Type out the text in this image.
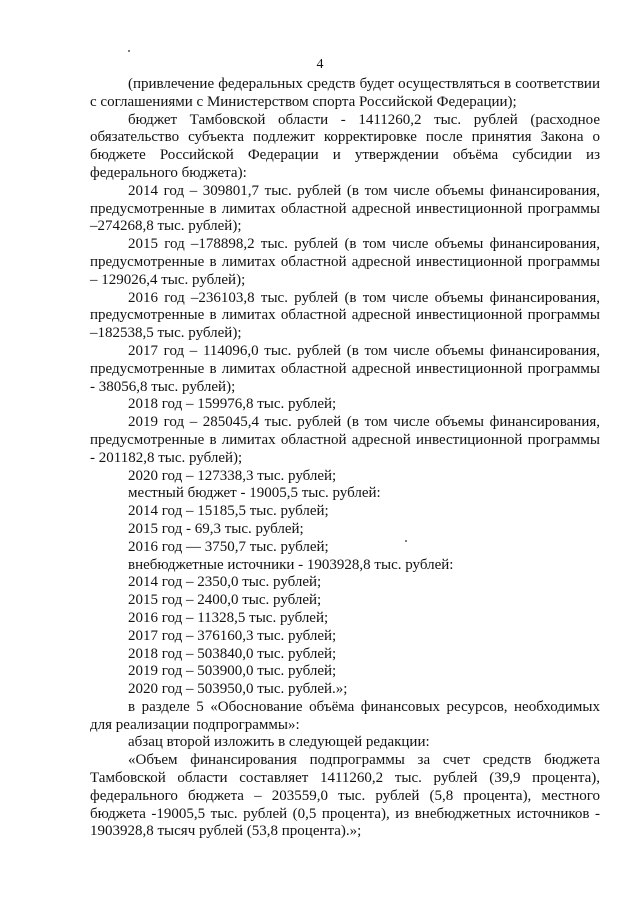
4

(привлечение федеральных средств будет осуществляться в соответствии с соглашениями с Министерством спорта Российской Федерации);

бюджет Тамбовской области - 1411260,2 тыс. рублей (расходное обязательство субъекта подлежит корректировке после принятия Закона о бюджете Российской Федерации и утверждении объёма субсидии из федерального бюджета):

2014 год – 309801,7 тыс. рублей (в том числе объемы финансирования, предусмотренные в лимитах областной адресной инвестиционной программы –274268,8 тыс. рублей);

2015 год –178898,2 тыс. рублей (в том числе объемы финансирования, предусмотренные в лимитах областной адресной инвестиционной программы – 129026,4 тыс. рублей);

2016 год –236103,8 тыс. рублей (в том числе объемы финансирования, предусмотренные в лимитах областной адресной инвестиционной программы –182538,5 тыс. рублей);

2017 год – 114096,0 тыс. рублей (в том числе объемы финансирования, предусмотренные в лимитах областной адресной инвестиционной программы - 38056,8 тыс. рублей);

2018 год – 159976,8 тыс. рублей;

2019 год – 285045,4 тыс. рублей (в том числе объемы финансирования, предусмотренные в лимитах областной адресной инвестиционной программы - 201182,8 тыс. рублей);

2020 год – 127338,3 тыс. рублей;

местный бюджет - 19005,5 тыс. рублей:

2014 год – 15185,5 тыс. рублей;

2015 год - 69,3 тыс. рублей;

2016 год — 3750,7 тыс. рублей;

внебюджетные источники - 1903928,8 тыс. рублей:

2014 год – 2350,0 тыс. рублей;

2015 год – 2400,0 тыс. рублей;

2016 год – 11328,5 тыс. рублей;

2017 год – 376160,3 тыс. рублей;

2018 год – 503840,0 тыс. рублей;

2019 год – 503900,0 тыс. рублей;

2020 год – 503950,0 тыс. рублей.»;

в разделе 5 «Обоснование объёма финансовых ресурсов, необходимых для реализации подпрограммы»:

абзац второй изложить в следующей редакции:

«Объем финансирования подпрограммы за счет средств бюджета Тамбовской области составляет 1411260,2 тыс. рублей (39,9 процента), федерального бюджета – 203559,0 тыс. рублей (5,8 процента), местного бюджета -19005,5 тыс. рублей (0,5 процента), из внебюджетных источников - 1903928,8 тысяч рублей (53,8 процента).»;
